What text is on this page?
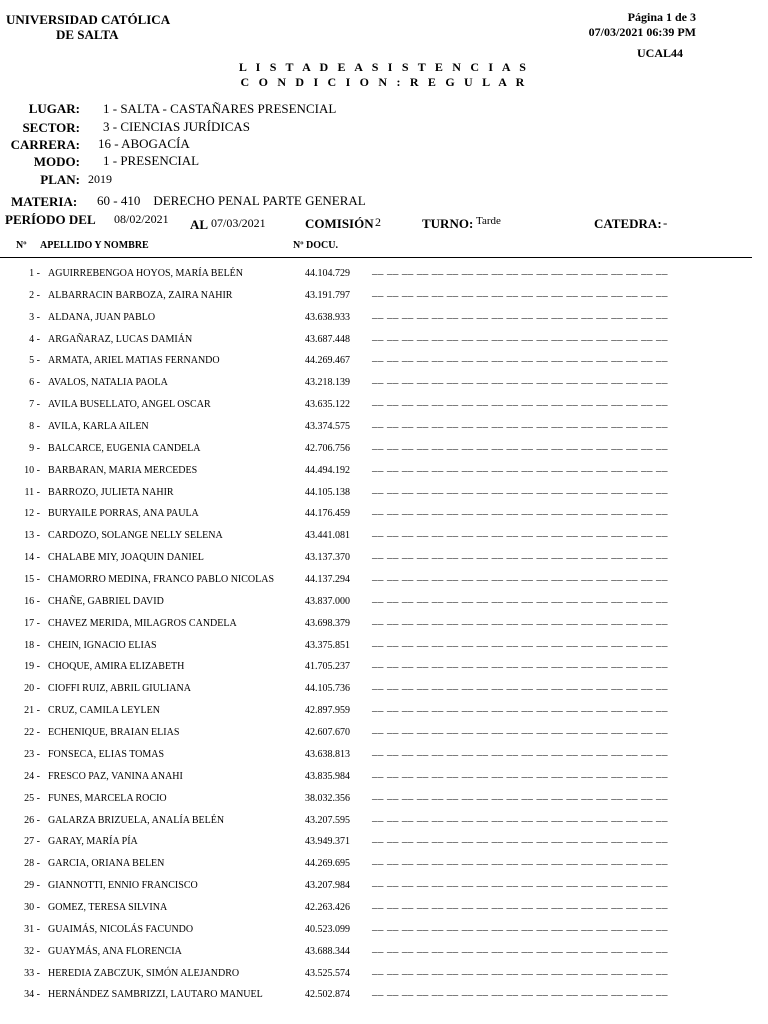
UNIVERSIDAD CATÓLICA
DE SALTA
Página 1 de 3
07/03/2021 06:39 PM
UCAL44
L I S T A D E A S I S T E N C I A S
C O N D I C I O N : R E G U L A R
LUGAR: 1 - SALTA - CASTAÑARES PRESENCIAL
SECTOR: 3 - CIENCIAS JURÍDICAS
CARRERA: 16 - ABOGACÍA
MODO: 1 - PRESENCIAL
PLAN: 2019
MATERIA: 60 - 410    DERECHO PENAL PARTE GENERAL
PERÍODO DEL 08/02/2021 AL 07/03/2021	COMISIÓN 2	TURNO: Tarde	CATEDRA: -
Nº APELLIDO Y NOMBRE	Nº DOCU.
1 - AGUIRREBENGOA HOYOS, MARÍA BELÉN	44.104.729 __ __ __ __ __ __ __ __ __ __ __ __ __ __ __ __ __ __ __ __
2 - ALBARRACIN BARBOZA, ZAIRA NAHIR	43.191.797 __ __ __ __ __ __ __ __ __ __ __ __ __ __ __ __ __ __ __ __
3 - ALDANA, JUAN PABLO	43.638.933 __ __ __ __ __ __ __ __ __ __ __ __ __ __ __ __ __ __ __ __
4 - ARGAÑARAZ, LUCAS DAMIÁN	43.687.448 __ __ __ __ __ __ __ __ __ __ __ __ __ __ __ __ __ __ __ __
5 - ARMATA, ARIEL MATIAS FERNANDO	44.269.467 __ __ __ __ __ __ __ __ __ __ __ __ __ __ __ __ __ __ __ __
6 - AVALOS, NATALIA PAOLA	43.218.139 __ __ __ __ __ __ __ __ __ __ __ __ __ __ __ __ __ __ __ __
7 - AVILA BUSELLATO, ANGEL OSCAR	43.635.122 __ __ __ __ __ __ __ __ __ __ __ __ __ __ __ __ __ __ __ __
8 - AVILA, KARLA AILEN	43.374.575 __ __ __ __ __ __ __ __ __ __ __ __ __ __ __ __ __ __ __ __
9 - BALCARCE, EUGENIA CANDELA	42.706.756 __ __ __ __ __ __ __ __ __ __ __ __ __ __ __ __ __ __ __ __
10 - BARBARAN, MARIA MERCEDES	44.494.192 __ __ __ __ __ __ __ __ __ __ __ __ __ __ __ __ __ __ __ __
11 - BARROZO, JULIETA NAHIR	44.105.138 __ __ __ __ __ __ __ __ __ __ __ __ __ __ __ __ __ __ __ __
12 - BURYAILE PORRAS, ANA PAULA	44.176.459 __ __ __ __ __ __ __ __ __ __ __ __ __ __ __ __ __ __ __ __
13 - CARDOZO, SOLANGE NELLY SELENA	43.441.081 __ __ __ __ __ __ __ __ __ __ __ __ __ __ __ __ __ __ __ __
14 - CHALABE MIY, JOAQUIN DANIEL	43.137.370 __ __ __ __ __ __ __ __ __ __ __ __ __ __ __ __ __ __ __ __
15 - CHAMORRO MEDINA, FRANCO PABLO NICOLAS	44.137.294 __ __ __ __ __ __ __ __ __ __ __ __ __ __ __ __ __ __ __ __
16 - CHAÑE, GABRIEL DAVID	43.837.000 __ __ __ __ __ __ __ __ __ __ __ __ __ __ __ __ __ __ __ __
17 - CHAVEZ MERIDA, MILAGROS CANDELA	43.698.379 __ __ __ __ __ __ __ __ __ __ __ __ __ __ __ __ __ __ __ __
18 - CHEIN, IGNACIO ELIAS	43.375.851 __ __ __ __ __ __ __ __ __ __ __ __ __ __ __ __ __ __ __ __
19 - CHOQUE, AMIRA ELIZABETH	41.705.237 __ __ __ __ __ __ __ __ __ __ __ __ __ __ __ __ __ __ __ __
20 - CIOFFI RUIZ, ABRIL GIULIANA	44.105.736 __ __ __ __ __ __ __ __ __ __ __ __ __ __ __ __ __ __ __ __
21 - CRUZ, CAMILA LEYLEN	42.897.959 __ __ __ __ __ __ __ __ __ __ __ __ __ __ __ __ __ __ __ __
22 - ECHENIQUE, BRAIAN ELIAS	42.607.670 __ __ __ __ __ __ __ __ __ __ __ __ __ __ __ __ __ __ __ __
23 - FONSECA, ELIAS TOMAS	43.638.813 __ __ __ __ __ __ __ __ __ __ __ __ __ __ __ __ __ __ __ __
24 - FRESCO PAZ, VANINA ANAHI	43.835.984 __ __ __ __ __ __ __ __ __ __ __ __ __ __ __ __ __ __ __ __
25 - FUNES, MARCELA ROCIO	38.032.356 __ __ __ __ __ __ __ __ __ __ __ __ __ __ __ __ __ __ __ __
26 - GALARZA BRIZUELA, ANALÍA BELÉN	43.207.595 __ __ __ __ __ __ __ __ __ __ __ __ __ __ __ __ __ __ __ __
27 - GARAY, MARÍA PÍA	43.949.371 __ __ __ __ __ __ __ __ __ __ __ __ __ __ __ __ __ __ __ __
28 - GARCIA, ORIANA BELEN	44.269.695 __ __ __ __ __ __ __ __ __ __ __ __ __ __ __ __ __ __ __ __
29 - GIANNOTTI, ENNIO FRANCISCO	43.207.984 __ __ __ __ __ __ __ __ __ __ __ __ __ __ __ __ __ __ __ __
30 - GOMEZ, TERESA SILVINA	42.263.426 __ __ __ __ __ __ __ __ __ __ __ __ __ __ __ __ __ __ __ __
31 - GUAIMÁS, NICOLÁS FACUNDO	40.523.099 __ __ __ __ __ __ __ __ __ __ __ __ __ __ __ __ __ __ __ __
32 - GUAYMÁS, ANA FLORENCIA	43.688.344 __ __ __ __ __ __ __ __ __ __ __ __ __ __ __ __ __ __ __ __
33 - HEREDIA ZABCZUK, SIMÓN ALEJANDRO	43.525.574 __ __ __ __ __ __ __ __ __ __ __ __ __ __ __ __ __ __ __ __
34 - HERNÁNDEZ SAMBRIZZI, LAUTARO MANUEL	42.502.874 __ __ __ __ __ __ __ __ __ __ __ __ __ __ __ __ __ __ __ __
